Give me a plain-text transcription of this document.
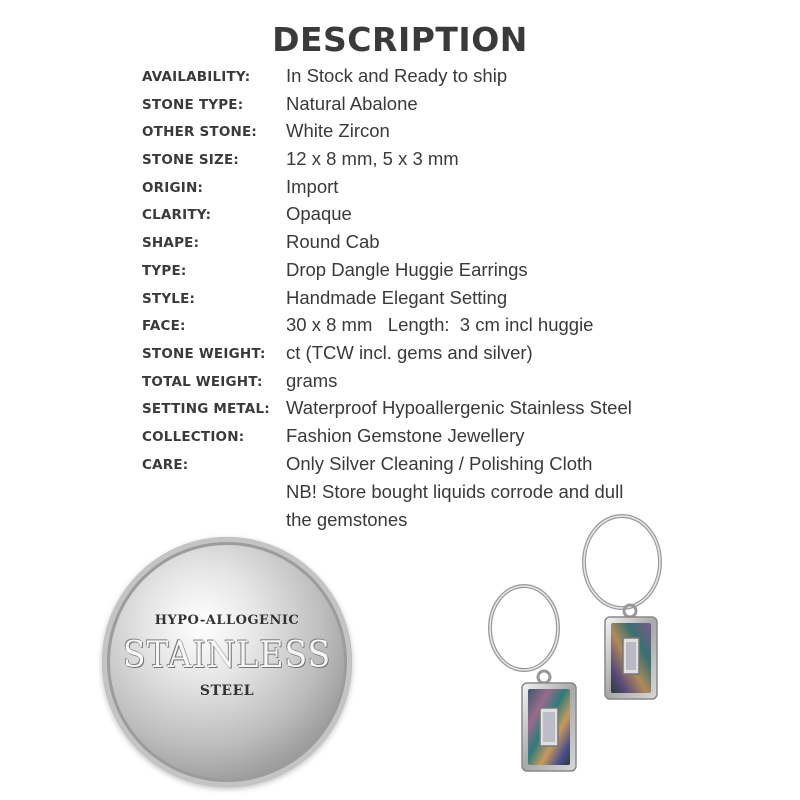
DESCRIPTION
AVAILABILITY: In Stock and Ready to ship
STONE TYPE: Natural Abalone
OTHER STONE: White Zircon
STONE SIZE:	12 x 8 mm, 5 x 3 mm
ORIGIN:	Import
CLARITY:	Opaque
SHAPE:	Round Cab
TYPE:	Drop Dangle Huggie Earrings
STYLE:	Handmade Elegant Setting
FACE:	30 x 8 mm   Length:  3 cm incl huggie
STONE WEIGHT: ct (TCW incl. gems and silver)
TOTAL WEIGHT: grams
SETTING METAL: Waterproof Hypoallergenic Stainless Steel
COLLECTION: Fashion Gemstone Jewellery
CARE:	Only Silver Cleaning / Polishing Cloth
NB! Store bought liquids corrode and dull
the gemstones
HYPO-ALLOGENIC
STAINLESS
STEEL
